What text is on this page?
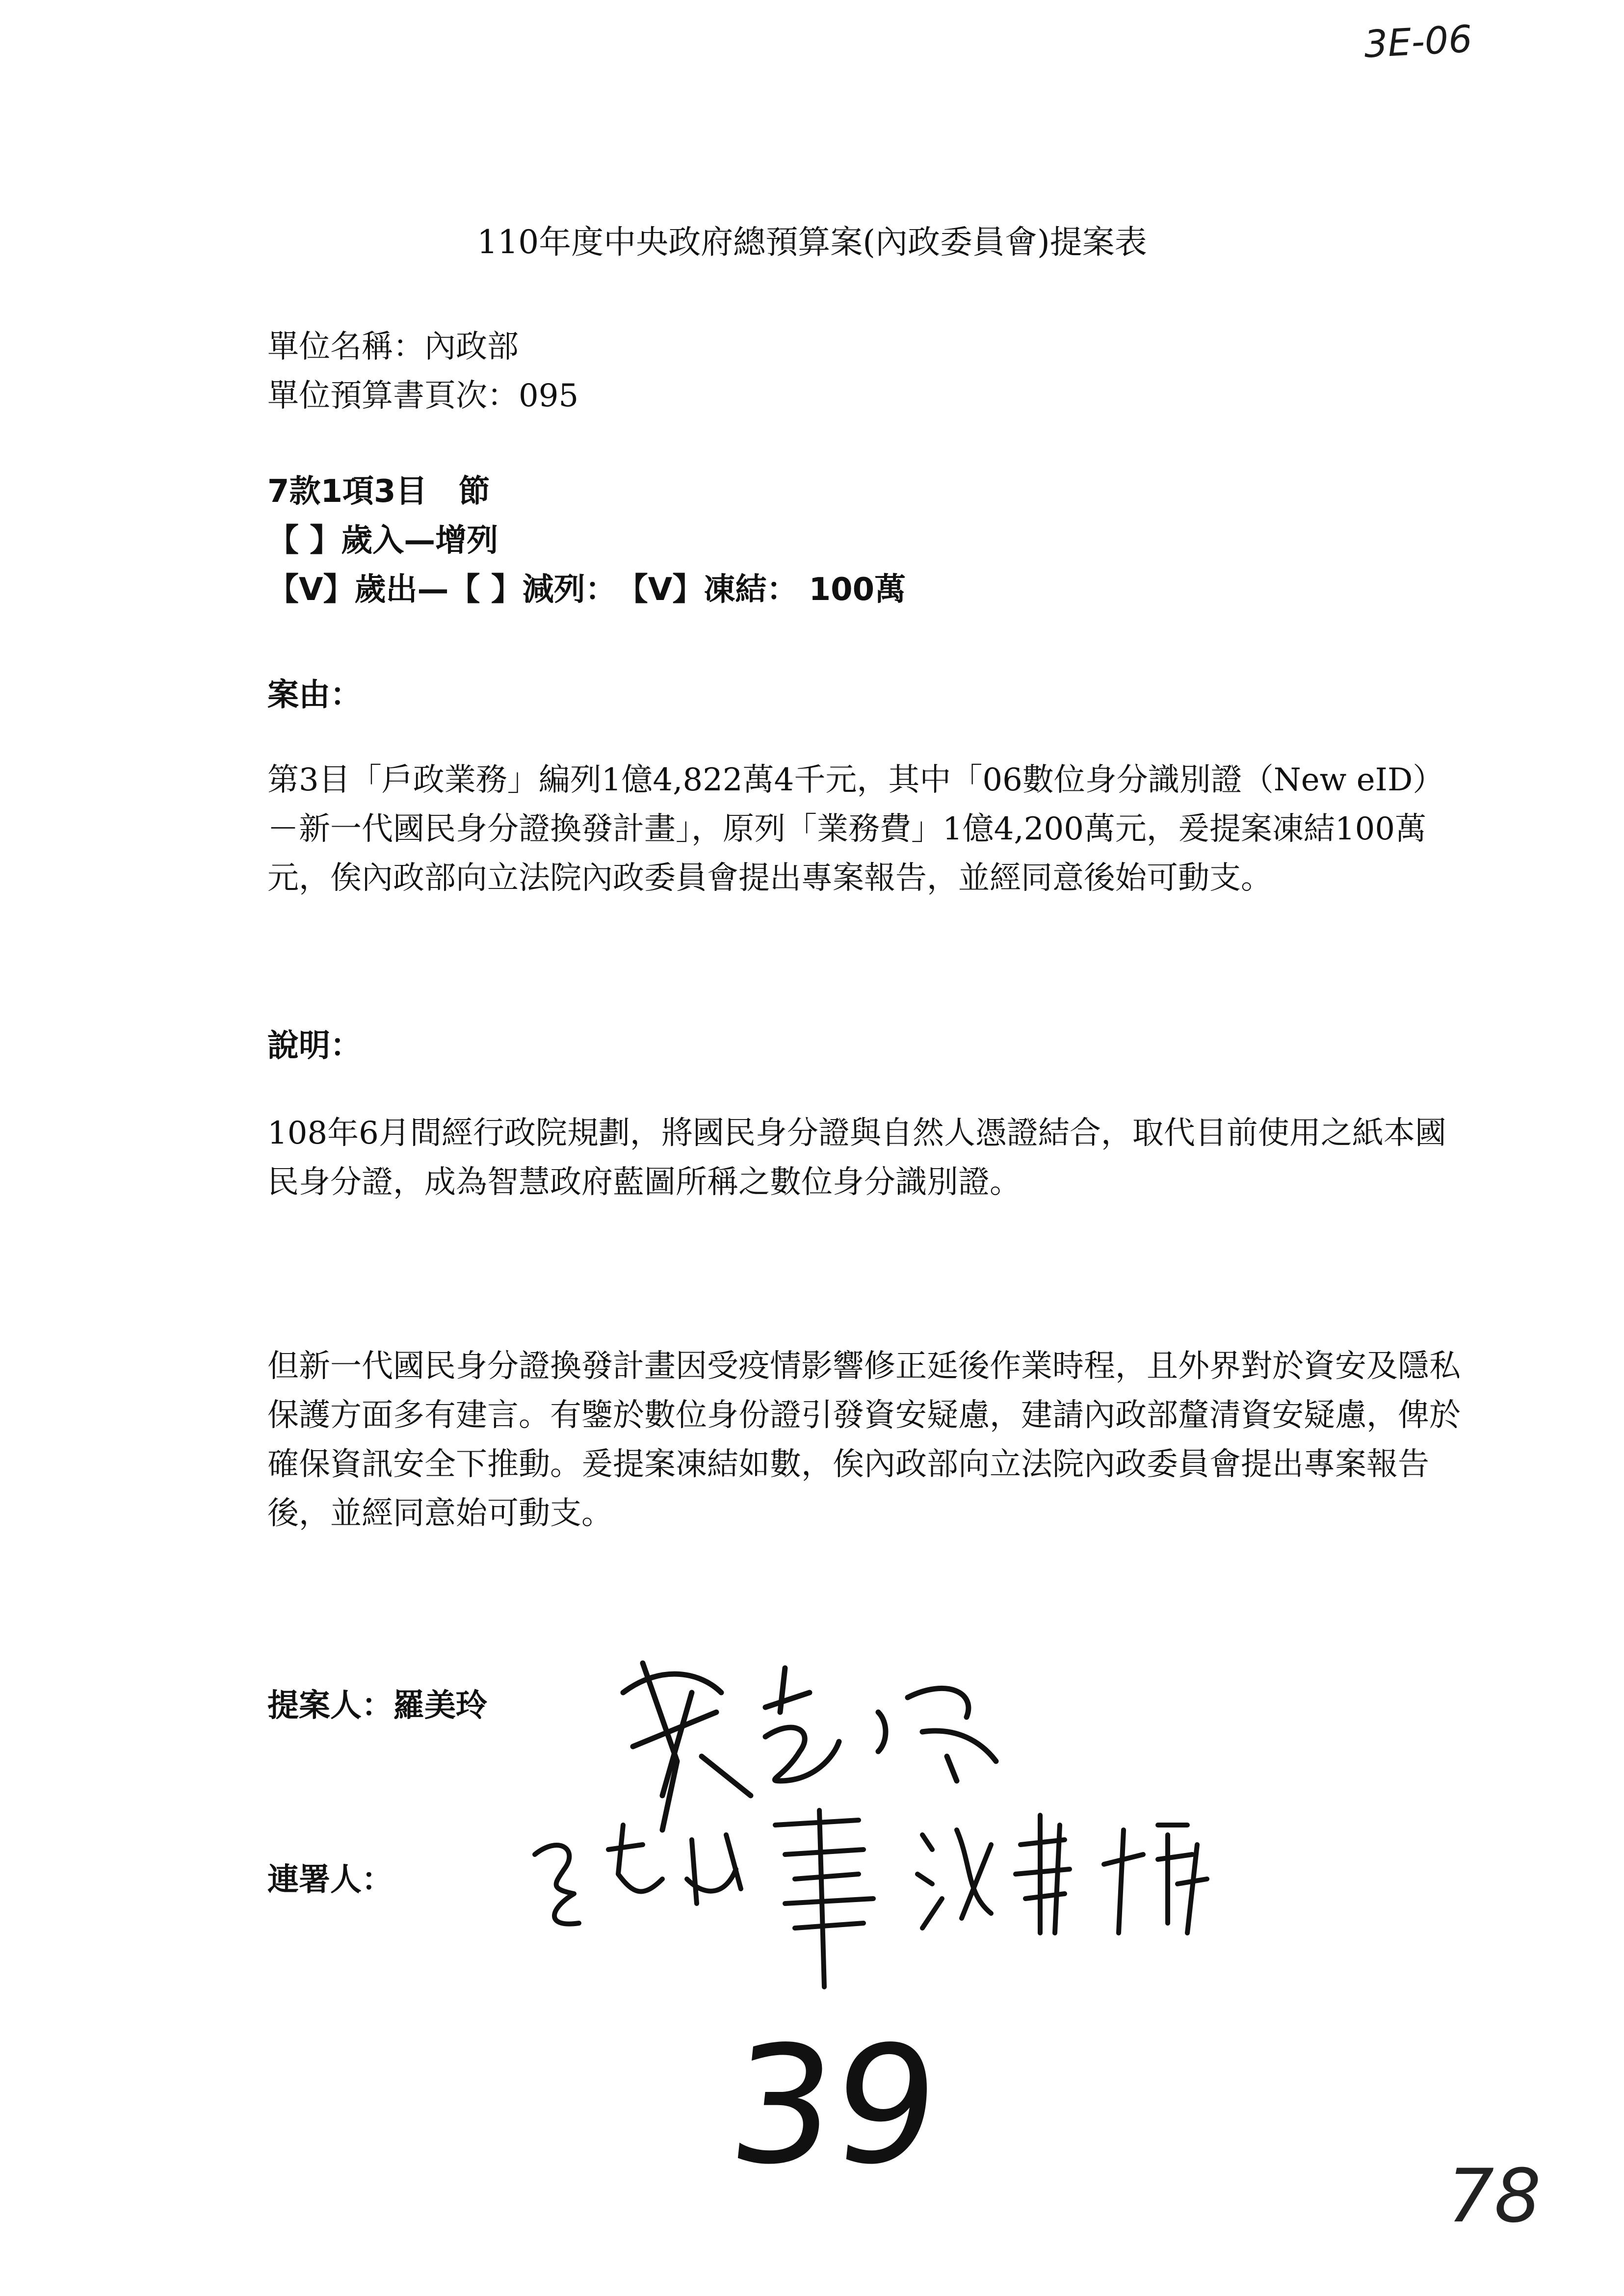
3E-06
110年度中央政府總預算案(內政委員會)提案表
單位名稱：內政部
單位預算書頁次：095
7款1項3目　節
【 】歲入—增列
【V】歲出—【 】減列：　【V】凍結： 100萬
案由：
第3目「戶政業務」編列1億4,822萬4千元，其中「06數位身分識別證（New eID）－新一代國民身分證換發計畫」，原列「業務費」1億4,200萬元，爰提案凍結100萬元，俟內政部向立法院內政委員會提出專案報告，並經同意後始可動支。
說明：
108年6月間經行政院規劃，將國民身分證與自然人憑證結合，取代目前使用之紙本國民身分證，成為智慧政府藍圖所稱之數位身分識別證。
但新一代國民身分證換發計畫因受疫情影響修正延後作業時程，且外界對於資安及隱私保護方面多有建言。有鑒於數位身份證引發資安疑慮，建請內政部釐清資安疑慮，俾於確保資訊安全下推動。爰提案凍結如數，俟內政部向立法院內政委員會提出專案報告後，並經同意始可動支。
提案人：羅美玲
連署人：
39	78
